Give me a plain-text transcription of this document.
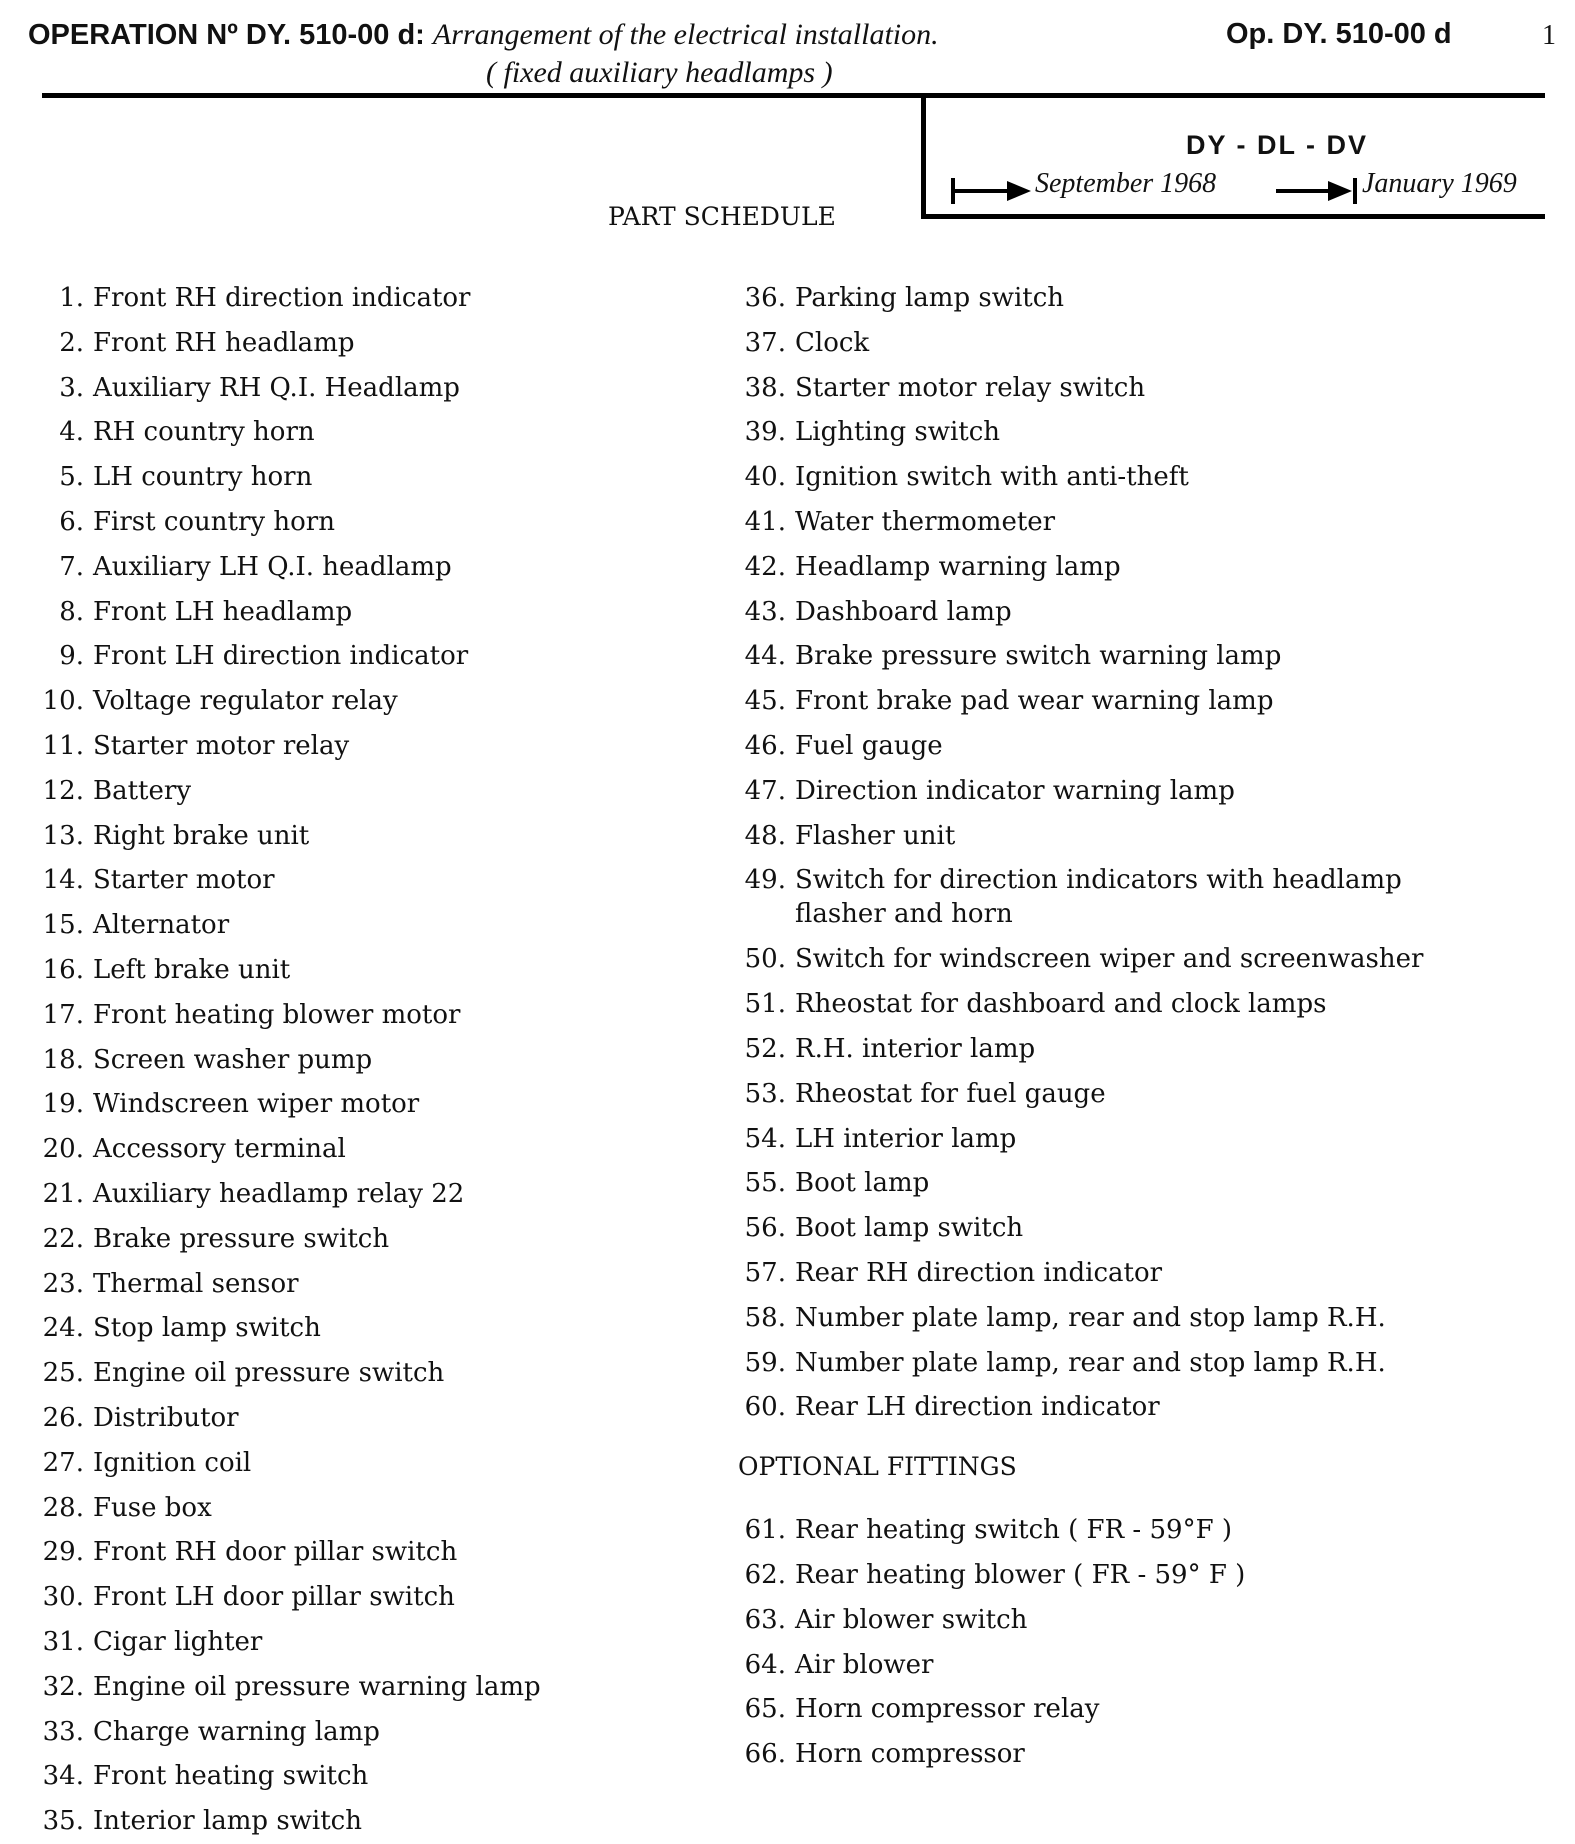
OPERATION Nº DY. 510-00 d: Arrangement of the electrical installation.
( fixed auxiliary headlamps )
Op. DY. 510-00 d	1
DY - DL - DV
September 1968	January 1969
PART SCHEDULE
1. Front RH direction indicator
2. Front RH headlamp
3. Auxiliary RH Q.I. Headlamp
4. RH country horn
5. LH country horn
6. First country horn
7. Auxiliary LH Q.I. headlamp
8. Front LH headlamp
9. Front LH direction indicator
10. Voltage regulator relay
11. Starter motor relay
12. Battery
13. Right brake unit
14. Starter motor
15. Alternator
16. Left brake unit
17. Front heating blower motor
18. Screen washer pump
19. Windscreen wiper motor
20. Accessory terminal
21. Auxiliary headlamp relay 22
22. Brake pressure switch
23. Thermal sensor
24. Stop lamp switch
25. Engine oil pressure switch
26. Distributor
27. Ignition coil
28. Fuse box
29. Front RH door pillar switch
30. Front LH door pillar switch
31. Cigar lighter
32. Engine oil pressure warning lamp
33. Charge warning lamp
34. Front heating switch
35. Interior lamp switch
36. Parking lamp switch
37. Clock
38. Starter motor relay switch
39. Lighting switch
40. Ignition switch with anti-theft
41. Water thermometer
42. Headlamp warning lamp
43. Dashboard lamp
44. Brake pressure switch warning lamp
45. Front brake pad wear warning lamp
46. Fuel gauge
47. Direction indicator warning lamp
48. Flasher unit
49. Switch for direction indicators with headlamp flasher and horn
50. Switch for windscreen wiper and screenwasher
51. Rheostat for dashboard and clock lamps
52. R.H. interior lamp
53. Rheostat for fuel gauge
54. LH interior lamp
55. Boot lamp
56. Boot lamp switch
57. Rear RH direction indicator
58. Number plate lamp, rear and stop lamp R.H.
59. Number plate lamp, rear and stop lamp R.H.
60. Rear LH direction indicator
OPTIONAL FITTINGS
61. Rear heating switch ( FR - 59°F )
62. Rear heating blower ( FR - 59° F )
63. Air blower switch
64. Air blower
65. Horn compressor relay
66. Horn compressor
